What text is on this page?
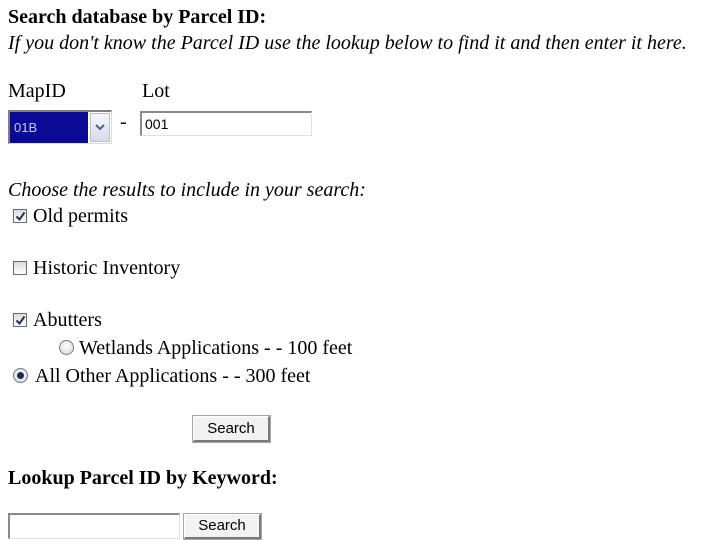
Search database by Parcel ID:
If you don't know the Parcel ID use the lookup below to find it and then enter it here.
MapID	Lot
01B	-
001
Choose the results to include in your search:
Old permits
Historic Inventory
Abutters
Wetlands Applications - - 100 feet
All Other Applications - - 300 feet
Search
Lookup Parcel ID by Keyword:
Search
